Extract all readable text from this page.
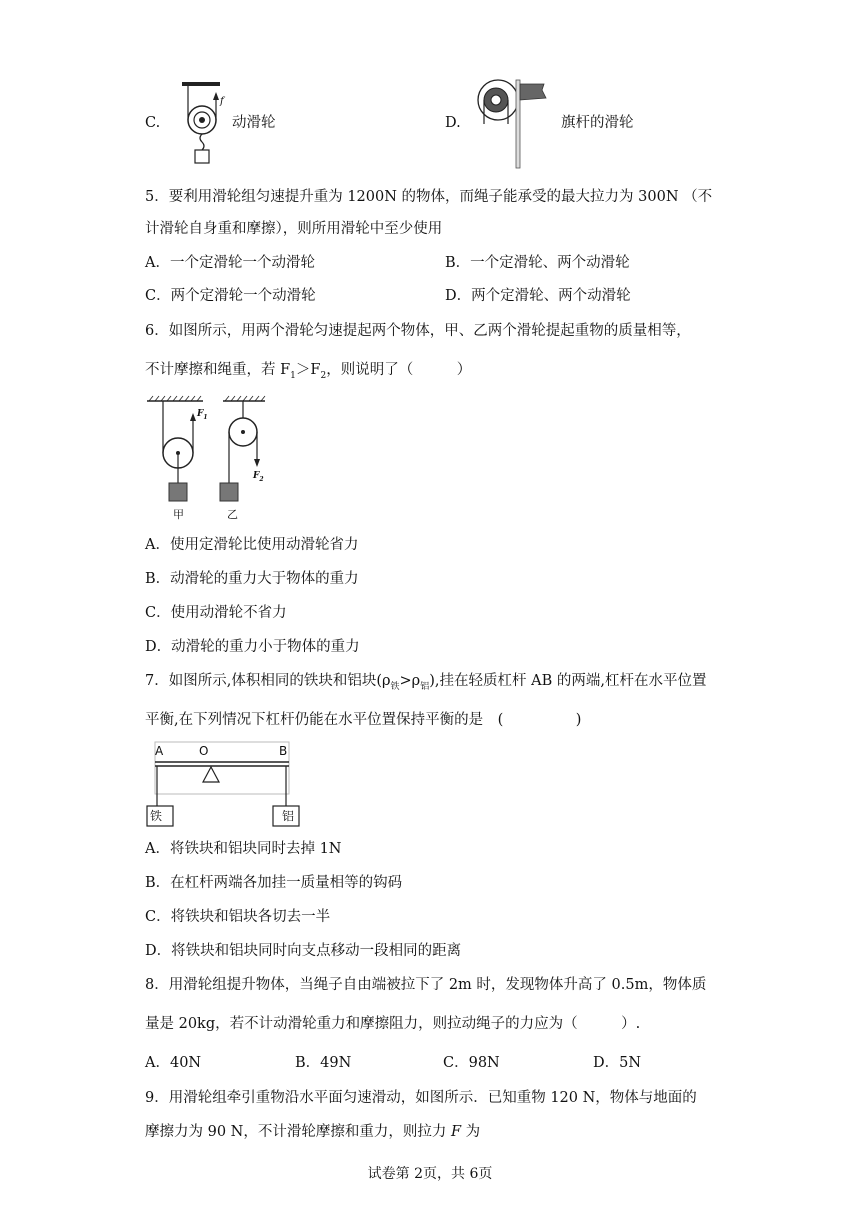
f
C.	动滑轮	D.	旗杆的滑轮
5．要利用滑轮组匀速提升重为 1200N 的物体，而绳子能承受的最大拉力为 300N （不
计滑轮自身重和摩擦），则所用滑轮中至少使用
A．一个定滑轮一个动滑轮	B．一个定滑轮、两个动滑轮
C．两个定滑轮一个动滑轮	D．两个定滑轮、两个动滑轮
6．如图所示，用两个滑轮匀速提起两个物体，甲、乙两个滑轮提起重物的质量相等，
不计摩擦和绳重，若 $F_1>F_2$，则说明了（　　　）
$F_1$
$F_2$
甲	乙
A．使用定滑轮比使用动滑轮省力
B．动滑轮的重力大于物体的重力
C．使用动滑轮不省力
D．动滑轮的重力小于物体的重力
7．如图所示,体积相同的铁块和铝块$(\rho_铁>\rho_铝)$,挂在轻质杠杆 AB 的两端,杠杆在水平位置
平衡,在下列情况下杠杆仍能在水平位置保持平衡的是　(　　　　　)
A	O	B
铁	铝
A．将铁块和铝块同时去掉 1N
B．在杠杆两端各加挂一质量相等的钩码
C．将铁块和铝块各切去一半
D．将铁块和铝块同时向支点移动一段相同的距离
8．用滑轮组提升物体，当绳子自由端被拉下了 2m 时，发现物体升高了 0.5m，物体质
量是 20kg，若不计动滑轮重力和摩擦阻力，则拉动绳子的力应为（　　　）.
A．40N	B．49N	C．98N	D．5N
9．用滑轮组牵引重物沿水平面匀速滑动，如图所示．已知重物 120 N，物体与地面的
摩擦力为 90 N，不计滑轮摩擦和重力，则拉力 F 为
试卷第 2页，共 6页
